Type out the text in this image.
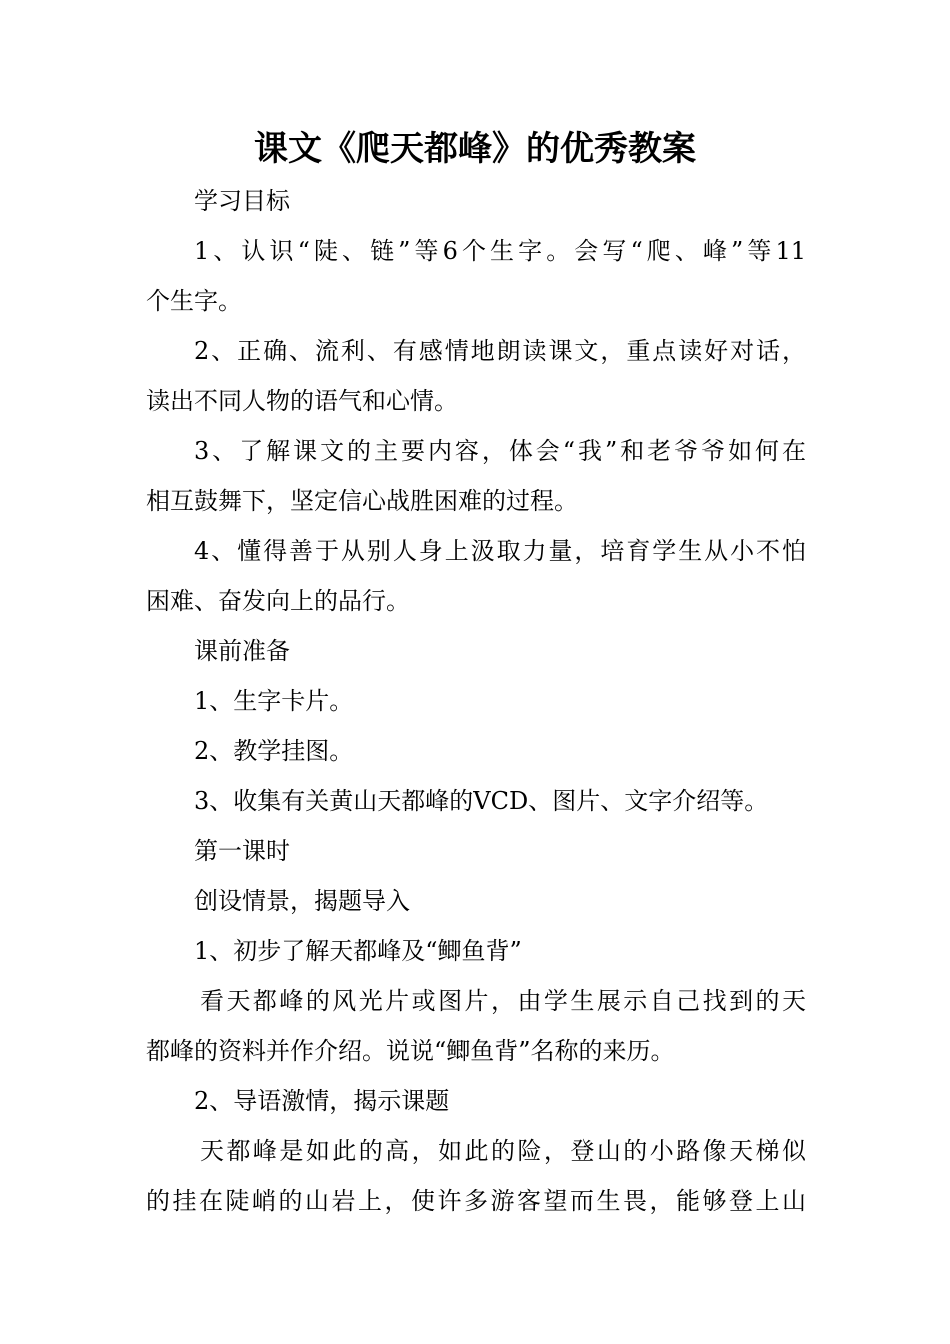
课文《爬天都峰》的优秀教案
学习目标
1、认识“陡、链”等6个生字。会写“爬、峰”等11
个生字。
2、正确、流利、有感情地朗读课文，重点读好对话，
读出不同人物的语气和心情。
3、了解课文的主要内容，体会“我”和老爷爷如何在
相互鼓舞下，坚定信心战胜困难的过程。
4、懂得善于从别人身上汲取力量，培育学生从小不怕
困难、奋发向上的品行。
课前准备
1、生字卡片。
2、教学挂图。
3、收集有关黄山天都峰的VCD、图片、文字介绍等。
第一课时
创设情景，揭题导入
1、初步了解天都峰及“鲫鱼背”
看天都峰的风光片或图片，由学生展示自己找到的天
都峰的资料并作介绍。说说“鲫鱼背”名称的来历。
2、导语激情，揭示课题
天都峰是如此的高，如此的险，登山的小路像天梯似
的挂在陡峭的山岩上，使许多游客望而生畏，能够登上山
